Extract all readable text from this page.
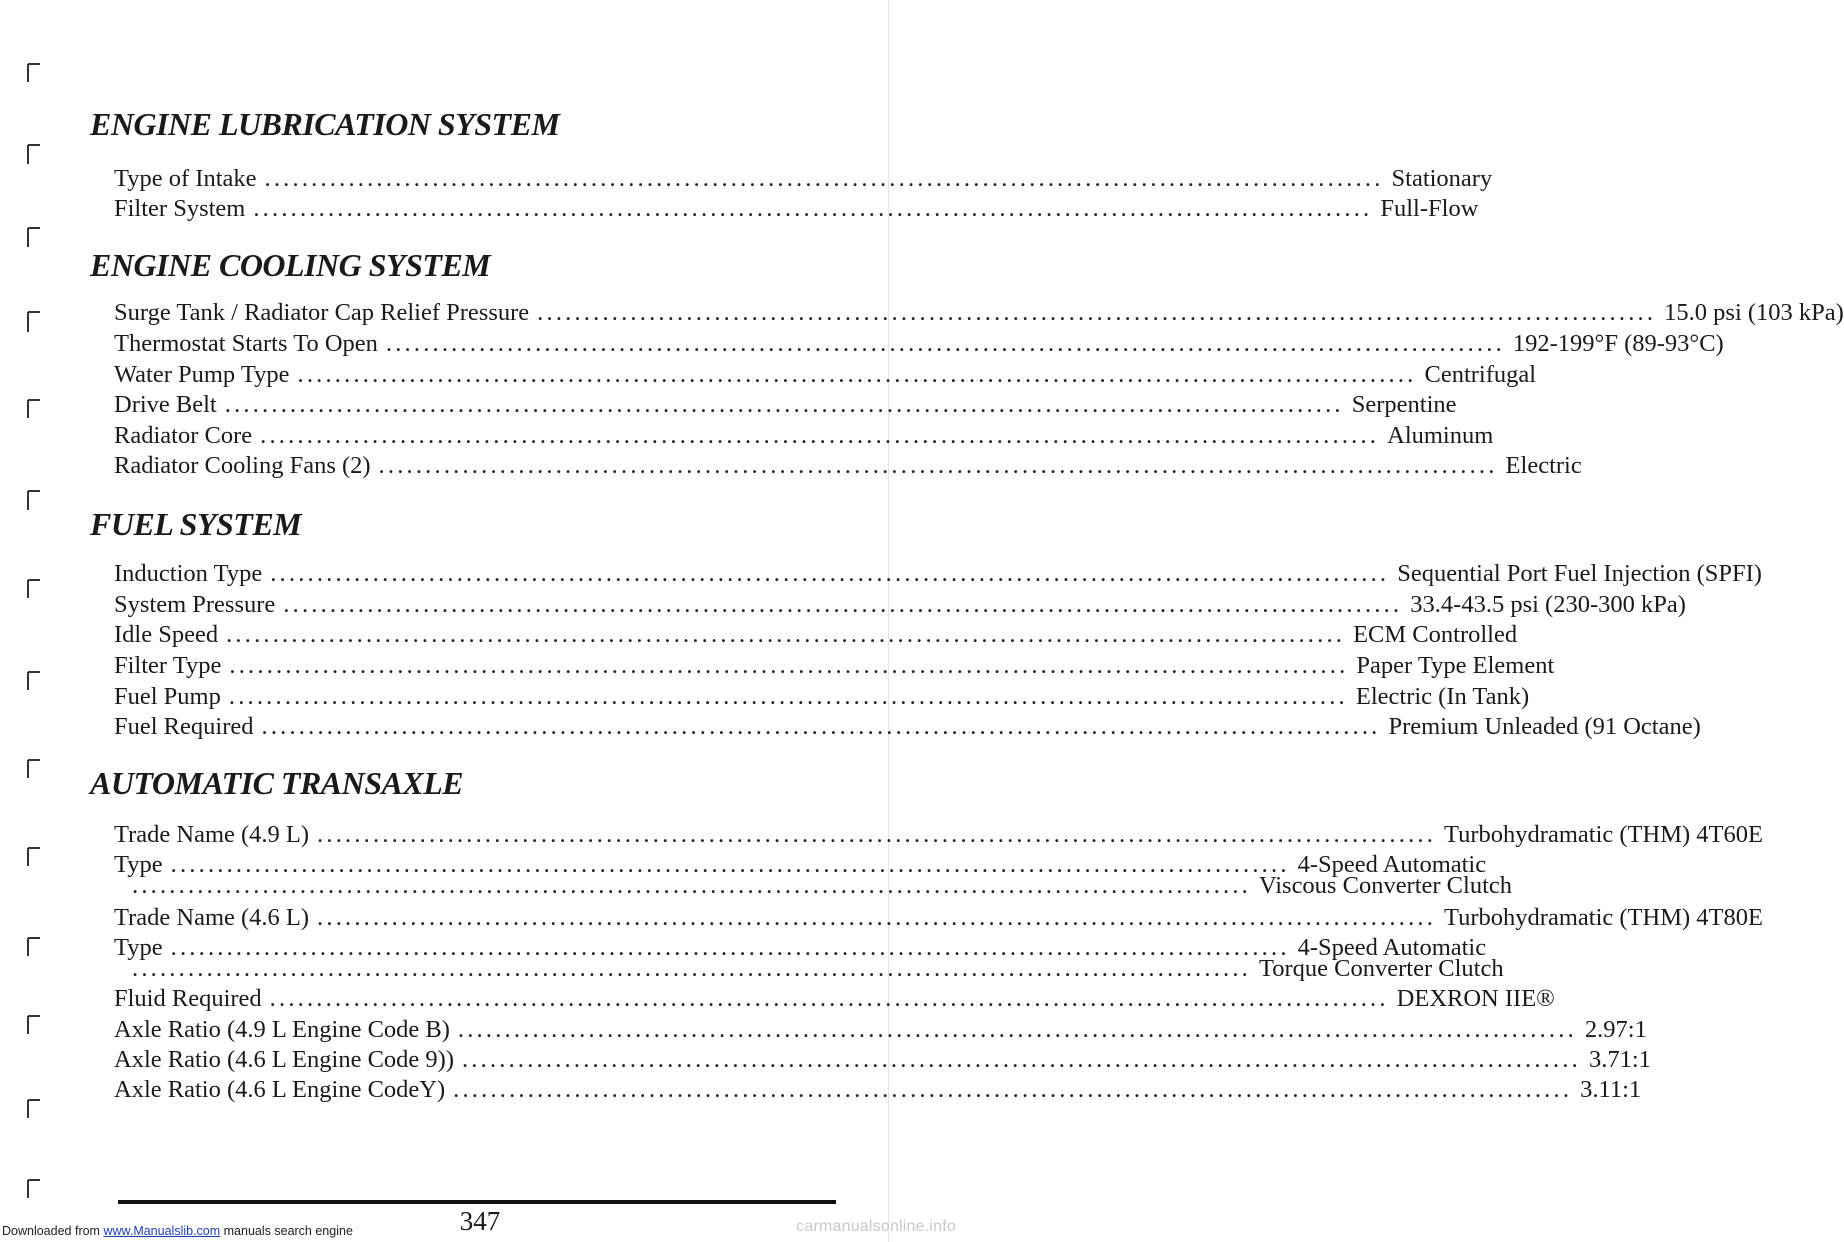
ENGINE LUBRICATION SYSTEM
Type of Intake ........................................................................................................................ Stationary
Filter System ........................................................................................................................ Full-Flow
ENGINE COOLING SYSTEM
Surge Tank / Radiator Cap Relief Pressure ........................................................................................................................ 15.0 psi (103 kPa)
Thermostat Starts To Open ........................................................................................................................ 192-199°F (89-93°C)
Water Pump Type ........................................................................................................................ Centrifugal
Drive Belt ........................................................................................................................ Serpentine
Radiator Core ........................................................................................................................ Aluminum
Radiator Cooling Fans (2) ........................................................................................................................ Electric
FUEL SYSTEM
Induction Type ........................................................................................................................ Sequential Port Fuel Injection (SPFI)
System Pressure ........................................................................................................................ 33.4-43.5 psi (230-300 kPa)
Idle Speed ........................................................................................................................ ECM Controlled
Filter Type ........................................................................................................................ Paper Type Element
Fuel Pump ........................................................................................................................ Electric (In Tank)
Fuel Required ........................................................................................................................ Premium Unleaded (91 Octane)
AUTOMATIC TRANSAXLE
Trade Name (4.9 L) ........................................................................................................................ Turbohydramatic (THM) 4T60E
Type ........................................................................................................................ 4-Speed Automatic
........................................................................................................................ Viscous Converter Clutch
Trade Name (4.6 L) ........................................................................................................................ Turbohydramatic (THM) 4T80E
Type ........................................................................................................................ 4-Speed Automatic
........................................................................................................................ Torque Converter Clutch
Fluid Required ........................................................................................................................ DEXRON IIE®
Axle Ratio (4.9 L Engine Code B) ........................................................................................................................ 2.97:1
Axle Ratio (4.6 L Engine Code 9)) ........................................................................................................................ 3.71:1
Axle Ratio (4.6 L Engine CodeY) ........................................................................................................................ 3.11:1
347
Downloaded from www.Manualslib.com manuals search engine	carmanualsonline.info
